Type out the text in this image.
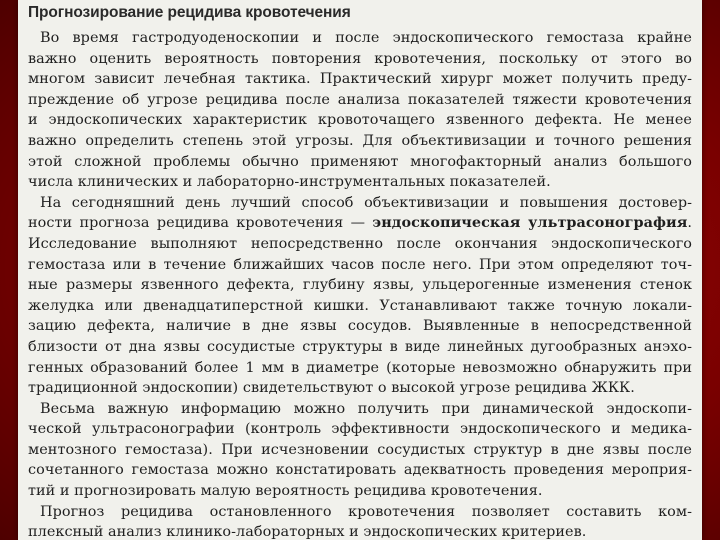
Прогнозирование рецидива кровотечения
Во время гастродуоденоскопии и после эндоскопического гемостаза крайне
важно оценить вероятность повторения кровотечения, поскольку от этого во
многом зависит лечебная тактика. Практический хирург может получить преду-
преждение об угрозе рецидива после анализа показателей тяжести кровотечения
и эндоскопических характеристик кровоточащего язвенного дефекта. Не менее
важно определить степень этой угрозы. Для объективизации и точного решения
этой сложной проблемы обычно применяют многофакторный анализ большого
числа клинических и лабораторно-инструментальных показателей.
На сегодняшний день лучший способ объективизации и повышения достовер-
ности прогноза рецидива кровотечения — эндоскопическая ультрасонография.
Исследование выполняют непосредственно после окончания эндоскопического
гемостаза или в течение ближайших часов после него. При этом определяют точ-
ные размеры язвенного дефекта, глубину язвы, ульцерогенные изменения стенок
желудка или двенадцатиперстной кишки. Устанавливают также точную локали-
зацию дефекта, наличие в дне язвы сосудов. Выявленные в непосредственной
близости от дна язвы сосудистые структуры в виде линейных дугообразных анэхо-
генных образований более 1 мм в диаметре (которые невозможно обнаружить при
традиционной эндоскопии) свидетельствуют о высокой угрозе рецидива ЖКК.
Весьма важную информацию можно получить при динамической эндоскопи-
ческой ультрасонографии (контроль эффективности эндоскопического и медика-
ментозного гемостаза). При исчезновении сосудистых структур в дне язвы после
сочетанного гемостаза можно констатировать адекватность проведения мероприя-
тий и прогнозировать малую вероятность рецидива кровотечения.
Прогноз рецидива остановленного кровотечения позволяет составить ком-
плексный анализ клинико-лабораторных и эндоскопических критериев.
